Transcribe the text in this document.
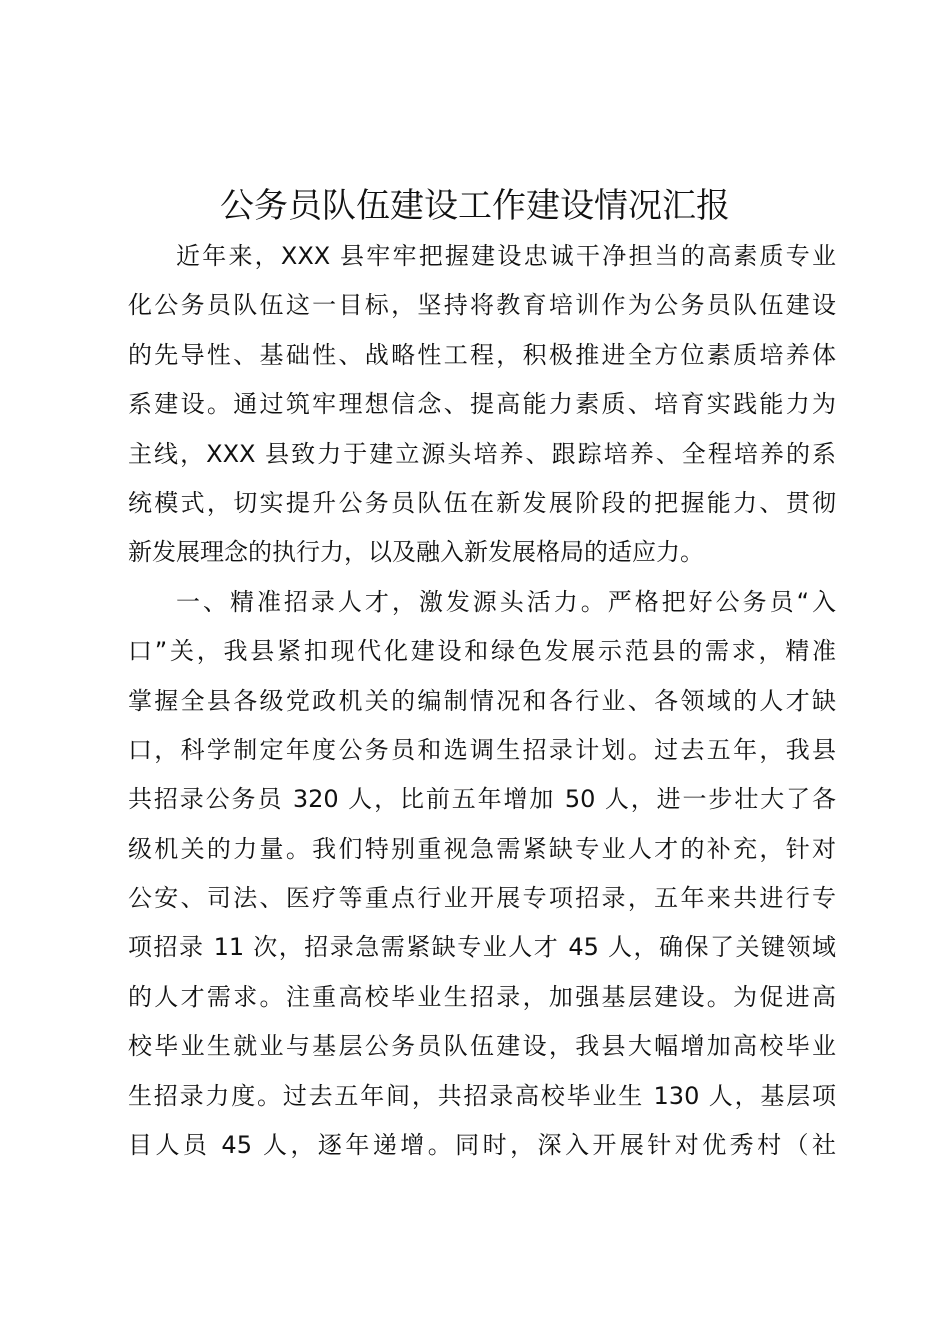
公务员队伍建设工作建设情况汇报
近年来，XXX 县牢牢把握建设忠诚干净担当的高素质专业
化公务员队伍这一目标，坚持将教育培训作为公务员队伍建设
的先导性、基础性、战略性工程，积极推进全方位素质培养体
系建设。通过筑牢理想信念、提高能力素质、培育实践能力为
主线，XXX 县致力于建立源头培养、跟踪培养、全程培养的系
统模式，切实提升公务员队伍在新发展阶段的把握能力、贯彻
新发展理念的执行力，以及融入新发展格局的适应力。
一、精准招录人才，激发源头活力。严格把好公务员“入
口”关，我县紧扣现代化建设和绿色发展示范县的需求，精准
掌握全县各级党政机关的编制情况和各行业、各领域的人才缺
口，科学制定年度公务员和选调生招录计划。过去五年，我县
共招录公务员 320 人，比前五年增加 50 人，进一步壮大了各
级机关的力量。我们特别重视急需紧缺专业人才的补充，针对
公安、司法、医疗等重点行业开展专项招录，五年来共进行专
项招录 11 次，招录急需紧缺专业人才 45 人，确保了关键领域
的人才需求。注重高校毕业生招录，加强基层建设。为促进高
校毕业生就业与基层公务员队伍建设，我县大幅增加高校毕业
生招录力度。过去五年间，共招录高校毕业生 130 人，基层项
目人员 45 人，逐年递增。同时，深入开展针对优秀村（社
